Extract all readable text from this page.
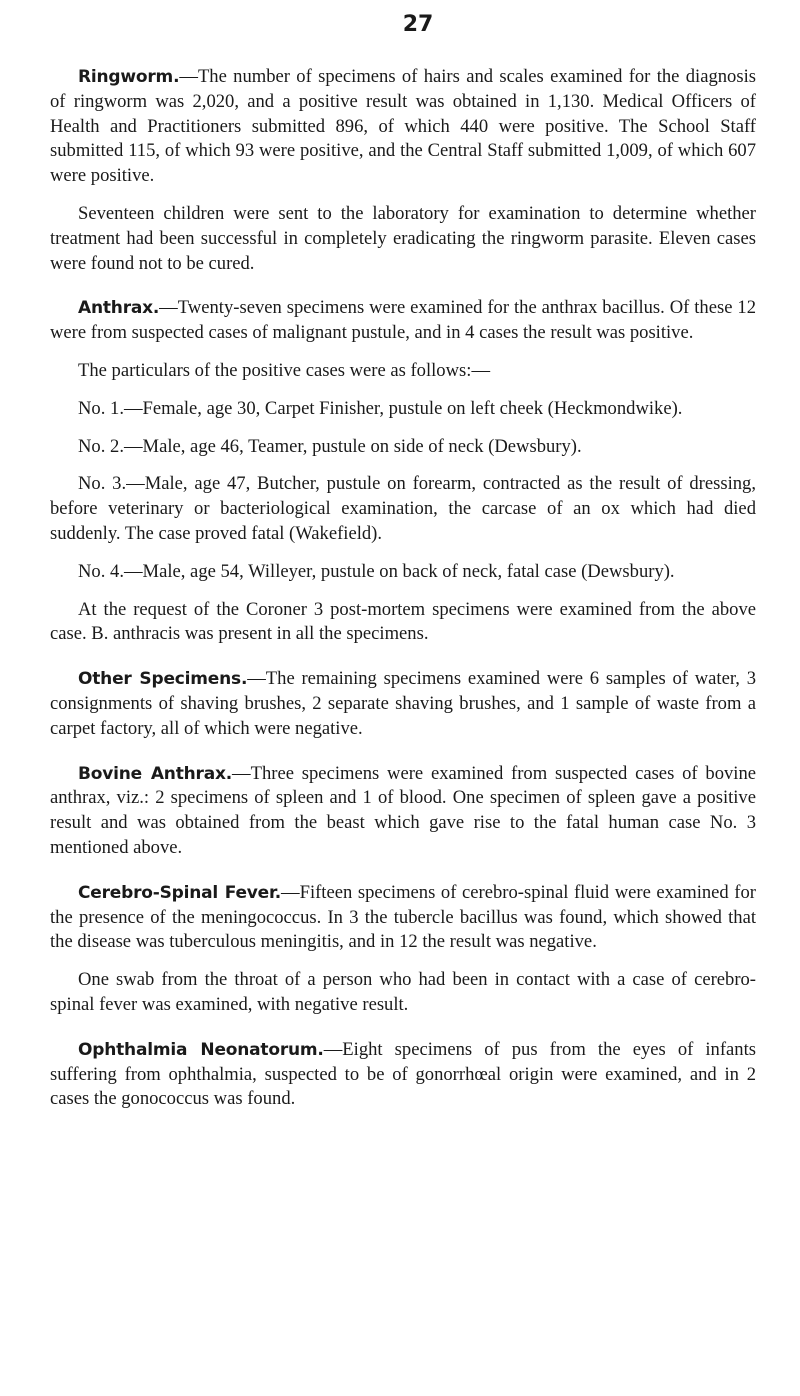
27

Ringworm.—The number of specimens of hairs and scales examined for the diagnosis of ringworm was 2,020, and a positive result was obtained in 1,130. Medical Officers of Health and Practitioners submitted 896, of which 440 were positive. The School Staff submitted 115, of which 93 were positive, and the Central Staff submitted 1,009, of which 607 were positive.

Seventeen children were sent to the laboratory for examination to determine whether treatment had been successful in completely eradicating the ringworm parasite. Eleven cases were found not to be cured.

Anthrax.—Twenty-seven specimens were examined for the anthrax bacillus. Of these 12 were from suspected cases of malignant pustule, and in 4 cases the result was positive.

The particulars of the positive cases were as follows:—

No. 1.—Female, age 30, Carpet Finisher, pustule on left cheek (Heckmondwike).

No. 2.—Male, age 46, Teamer, pustule on side of neck (Dewsbury).

No. 3.—Male, age 47, Butcher, pustule on forearm, contracted as the result of dressing, before veterinary or bacteriological examination, the carcase of an ox which had died suddenly. The case proved fatal (Wakefield).

No. 4.—Male, age 54, Willeyer, pustule on back of neck, fatal case (Dewsbury).

At the request of the Coroner 3 post-mortem specimens were examined from the above case. B. anthracis was present in all the specimens.

Other Specimens.—The remaining specimens examined were 6 samples of water, 3 consignments of shaving brushes, 2 separate shaving brushes, and 1 sample of waste from a carpet factory, all of which were negative.

Bovine Anthrax.—Three specimens were examined from suspected cases of bovine anthrax, viz.: 2 specimens of spleen and 1 of blood. One specimen of spleen gave a positive result and was obtained from the beast which gave rise to the fatal human case No. 3 mentioned above.

Cerebro-Spinal Fever.—Fifteen specimens of cerebro-spinal fluid were examined for the presence of the meningococcus. In 3 the tubercle bacillus was found, which showed that the disease was tuberculous meningitis, and in 12 the result was negative.

One swab from the throat of a person who had been in contact with a case of cerebro-spinal fever was examined, with negative result.

Ophthalmia Neonatorum.—Eight specimens of pus from the eyes of infants suffering from ophthalmia, suspected to be of gonorrhœal origin were examined, and in 2 cases the gonococcus was found.
